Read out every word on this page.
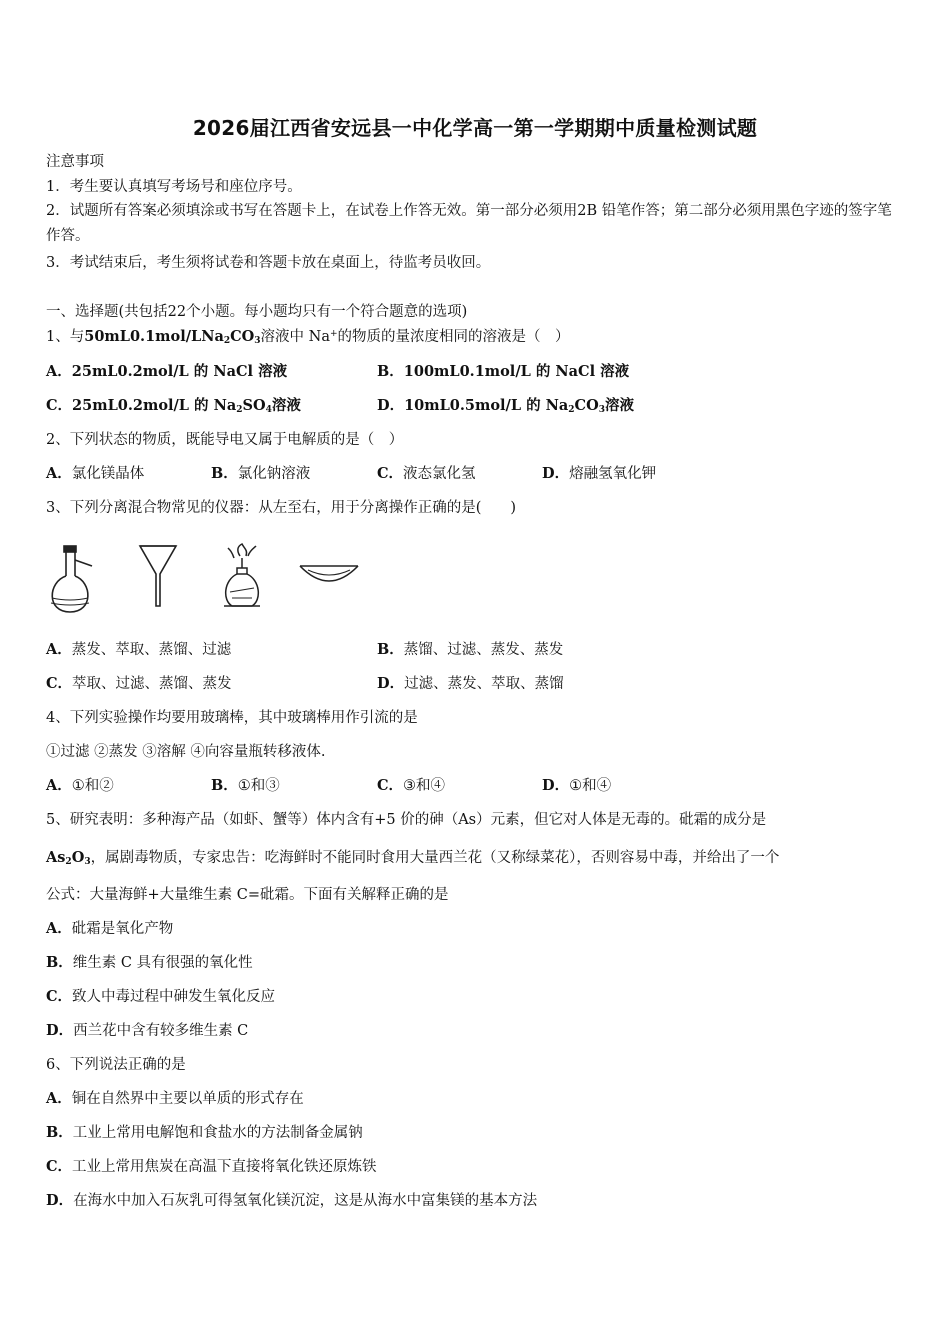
2026届江西省安远县一中化学高一第一学期期中质量检测试题
注意事项
1．考生要认真填写考场号和座位序号。
2．试题所有答案必须填涂或书写在答题卡上，在试卷上作答无效。第一部分必须用2B 铅笔作答；第二部分必须用黑色字迹的签字笔作答。
3．考试结束后，考生须将试卷和答题卡放在桌面上，待监考员收回。
一、选择题(共包括22个小题。每小题均只有一个符合题意的选项)
1、与$50mL0.1mol/LNa_2CO_3$溶液中 Na+的物质的量浓度相同的溶液是（　）
A．25mL0.2mol/L 的 NaCl 溶液	B．100mL0.1mol/L 的 NaCl 溶液
C．25mL0.2mol/L 的 $Na_2SO_4$溶液	D．10mL0.5mol/L 的 $Na_2CO_3$溶液
2、下列状态的物质，既能导电又属于电解质的是（　）
A．氯化镁晶体	B．氯化钠溶液	C．液态氯化氢	D．熔融氢氧化钾
3、下列分离混合物常见的仪器：从左至右，用于分离操作正确的是(　　)
A．蒸发、萃取、蒸馏、过滤	B．蒸馏、过滤、蒸发、蒸发
C．萃取、过滤、蒸馏、蒸发	D．过滤、蒸发、萃取、蒸馏
4、下列实验操作均要用玻璃棒，其中玻璃棒用作引流的是
①过滤 ②蒸发 ③溶解 ④向容量瓶转移液体.
A．①和②	B．①和③	C．③和④	D．①和④
5、研究表明：多种海产品（如虾、蟹等）体内含有+5 价的砷（As）元素，但它对人体是无毒的。砒霜的成分是
$As_2O_3$，属剧毒物质，专家忠告：吃海鲜时不能同时食用大量西兰花（又称绿菜花），否则容易中毒，并给出了一个
公式：大量海鲜+大量维生素 C=砒霜。下面有关解释正确的是
A．砒霜是氧化产物
B．维生素 C 具有很强的氧化性
C．致人中毒过程中砷发生氧化反应
D．西兰花中含有较多维生素 C
6、下列说法正确的是
A．铜在自然界中主要以单质的形式存在
B．工业上常用电解饱和食盐水的方法制备金属钠
C．工业上常用焦炭在高温下直接将氧化铁还原炼铁
D．在海水中加入石灰乳可得氢氧化镁沉淀，这是从海水中富集镁的基本方法
